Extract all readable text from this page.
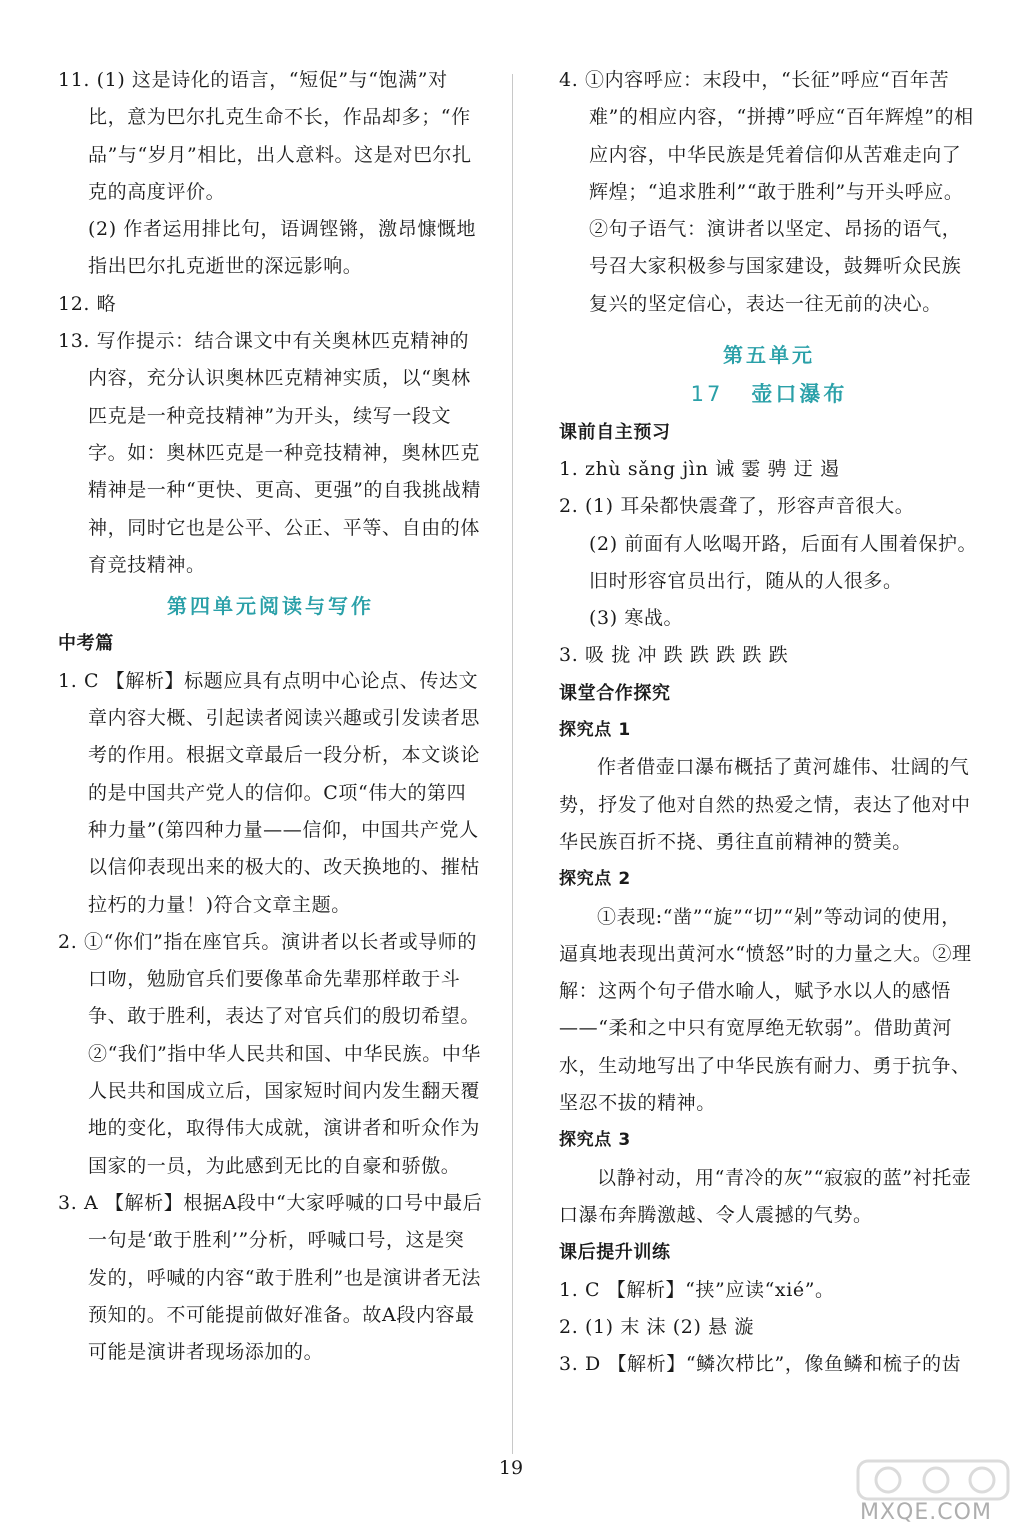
11. (1) 这是诗化的语言，“短促”与“饱满”对比，意为巴尔扎克生命不长，作品却多；“作品”与“岁月”相比，出人意料。这是对巴尔扎克的高度评价。

(2) 作者运用排比句，语调铿锵，激昂慷慨地指出巴尔扎克逝世的深远影响。

12. 略

13. 写作提示：结合课文中有关奥林匹克精神的内容，充分认识奥林匹克精神实质，以“奥林匹克是一种竞技精神”为开头，续写一段文字。如：奥林匹克是一种竞技精神，奥林匹克精神是一种“更快、更高、更强”的自我挑战精神，同时它也是公平、公正、平等、自由的体育竞技精神。

第四单元阅读与写作

中考篇

1. C 【解析】标题应具有点明中心论点、传达文章内容大概、引起读者阅读兴趣或引发读者思考的作用。根据文章最后一段分析，本文谈论的是中国共产党人的信仰。C项“伟大的第四种力量”(第四种力量——信仰，中国共产党人以信仰表现出来的极大的、改天换地的、摧枯拉朽的力量！)符合文章主题。

2. ①“你们”指在座官兵。演讲者以长者或导师的口吻，勉励官兵们要像革命先辈那样敢于斗争、敢于胜利，表达了对官兵们的殷切希望。②“我们”指中华人民共和国、中华民族。中华人民共和国成立后，国家短时间内发生翻天覆地的变化，取得伟大成就，演讲者和听众作为国家的一员，为此感到无比的自豪和骄傲。

3. A 【解析】根据A段中“大家呼喊的口号中最后一句是‘敢于胜利’”分析，呼喊口号，这是突发的，呼喊的内容“敢于胜利”也是演讲者无法预知的。不可能提前做好准备。故A段内容最可能是演讲者现场添加的。

4. ①内容呼应：末段中，“长征”呼应“百年苦难”的相应内容，“拼搏”呼应“百年辉煌”的相应内容，中华民族是凭着信仰从苦难走向了辉煌；“追求胜利”“敢于胜利”与开头呼应。②句子语气：演讲者以坚定、昂扬的语气，号召大家积极参与国家建设，鼓舞听众民族复兴的坚定信心，表达一往无前的决心。

第五单元

17 壶口瀑布

课前自主预习

1. zhù sǎng jìn 诫 霎 骋 迂 遏

2. (1) 耳朵都快震聋了，形容声音很大。

(2) 前面有人吆喝开路，后面有人围着保护。旧时形容官员出行，随从的人很多。

(3) 寒战。

3. 吸 拢 冲 跌 跌 跌 跌 跌

课堂合作探究

探究点 1

作者借壶口瀑布概括了黄河雄伟、壮阔的气势，抒发了他对自然的热爱之情，表达了他对中华民族百折不挠、勇往直前精神的赞美。

探究点 2

①表现:“凿”“旋”“切”“剁”等动词的使用，逼真地表现出黄河水“愤怒”时的力量之大。②理解：这两个句子借水喻人，赋予水以人的感悟——“柔和之中只有宽厚绝无软弱”。借助黄河水，生动地写出了中华民族有耐力、勇于抗争、坚忍不拔的精神。

探究点 3

以静衬动，用“青冷的灰”“寂寂的蓝”衬托壶口瀑布奔腾激越、令人震撼的气势。

课后提升训练

1. C 【解析】“挟”应读“xié”。

2. (1) 末 沫 (2) 悬 漩

3. D 【解析】“鳞次栉比”，像鱼鳞和梳子的齿

19
MXQE.COM
